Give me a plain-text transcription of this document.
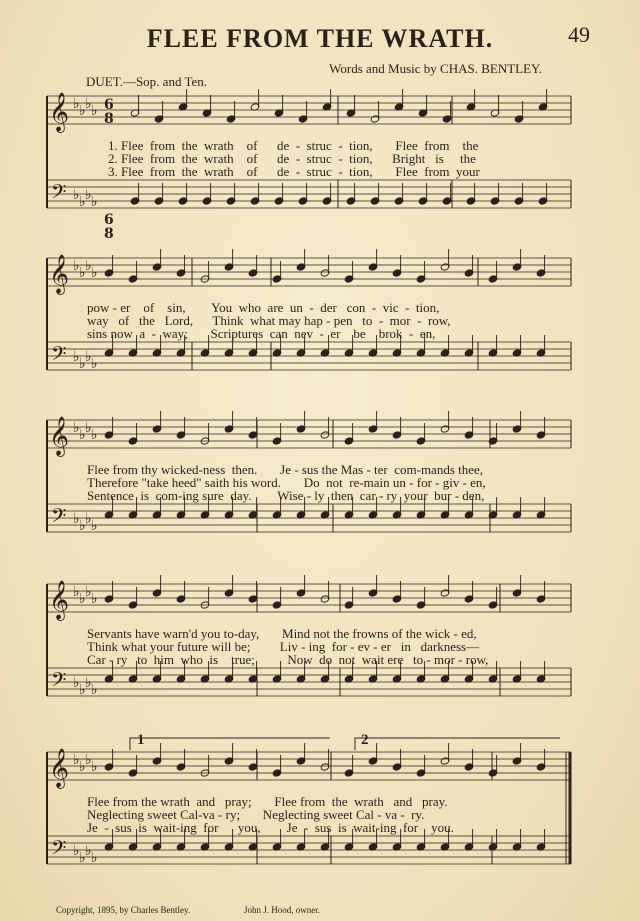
FLEE FROM THE WRATH.	49
Words and Music by CHAS. BENTLEY.
DUET.—Sop. and Ten.
𝄞
𝄢
♭
♭
♭
♭
♭
♭
♭
♭
𝄞
𝄢
♭
♭
♭
♭
♭
♭
♭
♭
𝄞
𝄢
♭
♭
♭
♭
♭
♭
♭
♭
𝄞
𝄢
♭
♭
♭
♭
♭
♭
♭
♭
𝄞
𝄢
♭
♭
♭
♭
♭
♭
♭
♭
6
8
6
8
1. Flee  from  the  wrath    of      de  -  struc  -  tion,       Flee  from    the
2. Flee  from  the  wrath    of      de  -  struc  -  tion,      Bright   is     the
3. Flee  from  the  wrath    of      de  -  struc  -  tion,       Flee  from  your
pow - er    of    sin,        You  who  are  un  -  der   con  -  vic  -  tion,
way   of   the   Lord,      Think  what may hap - pen   to  -  mor  -  row,
sins now  a  -  way;       Scriptures  can  nev  -  er    be    brok  -  en,
Flee from thy wicked-ness  then.       Je - sus the Mas - ter  com-mands thee,
Therefore "take heed" saith his word.       Do  not  re-main un - for - giv - en,
Sentence  is  com-ing sure  day.        Wise - ly  then  car - ry  your  bur - den,
Servants have warn'd you to-day,       Mind not the frowns of the wick - ed,
Think what your future will be;         Liv - ing  for - ev - er   in   darkness—
Car - ry   to  him  who  is    true;          Now  do  not  wait ere   to - mor - row,
Flee from the wrath  and   pray;       Flee from  the  wrath   and   pray.
Neglecting sweet Cal-va - ry;       Neglecting sweet Cal - va -  ry.
Je  -  sus  is  wait-ing  for      you,        Je  -  sus  is  wait-ing  for    you.
1	2
Copyright, 1895, by Charles Bentley.	John J. Hood, owner.
